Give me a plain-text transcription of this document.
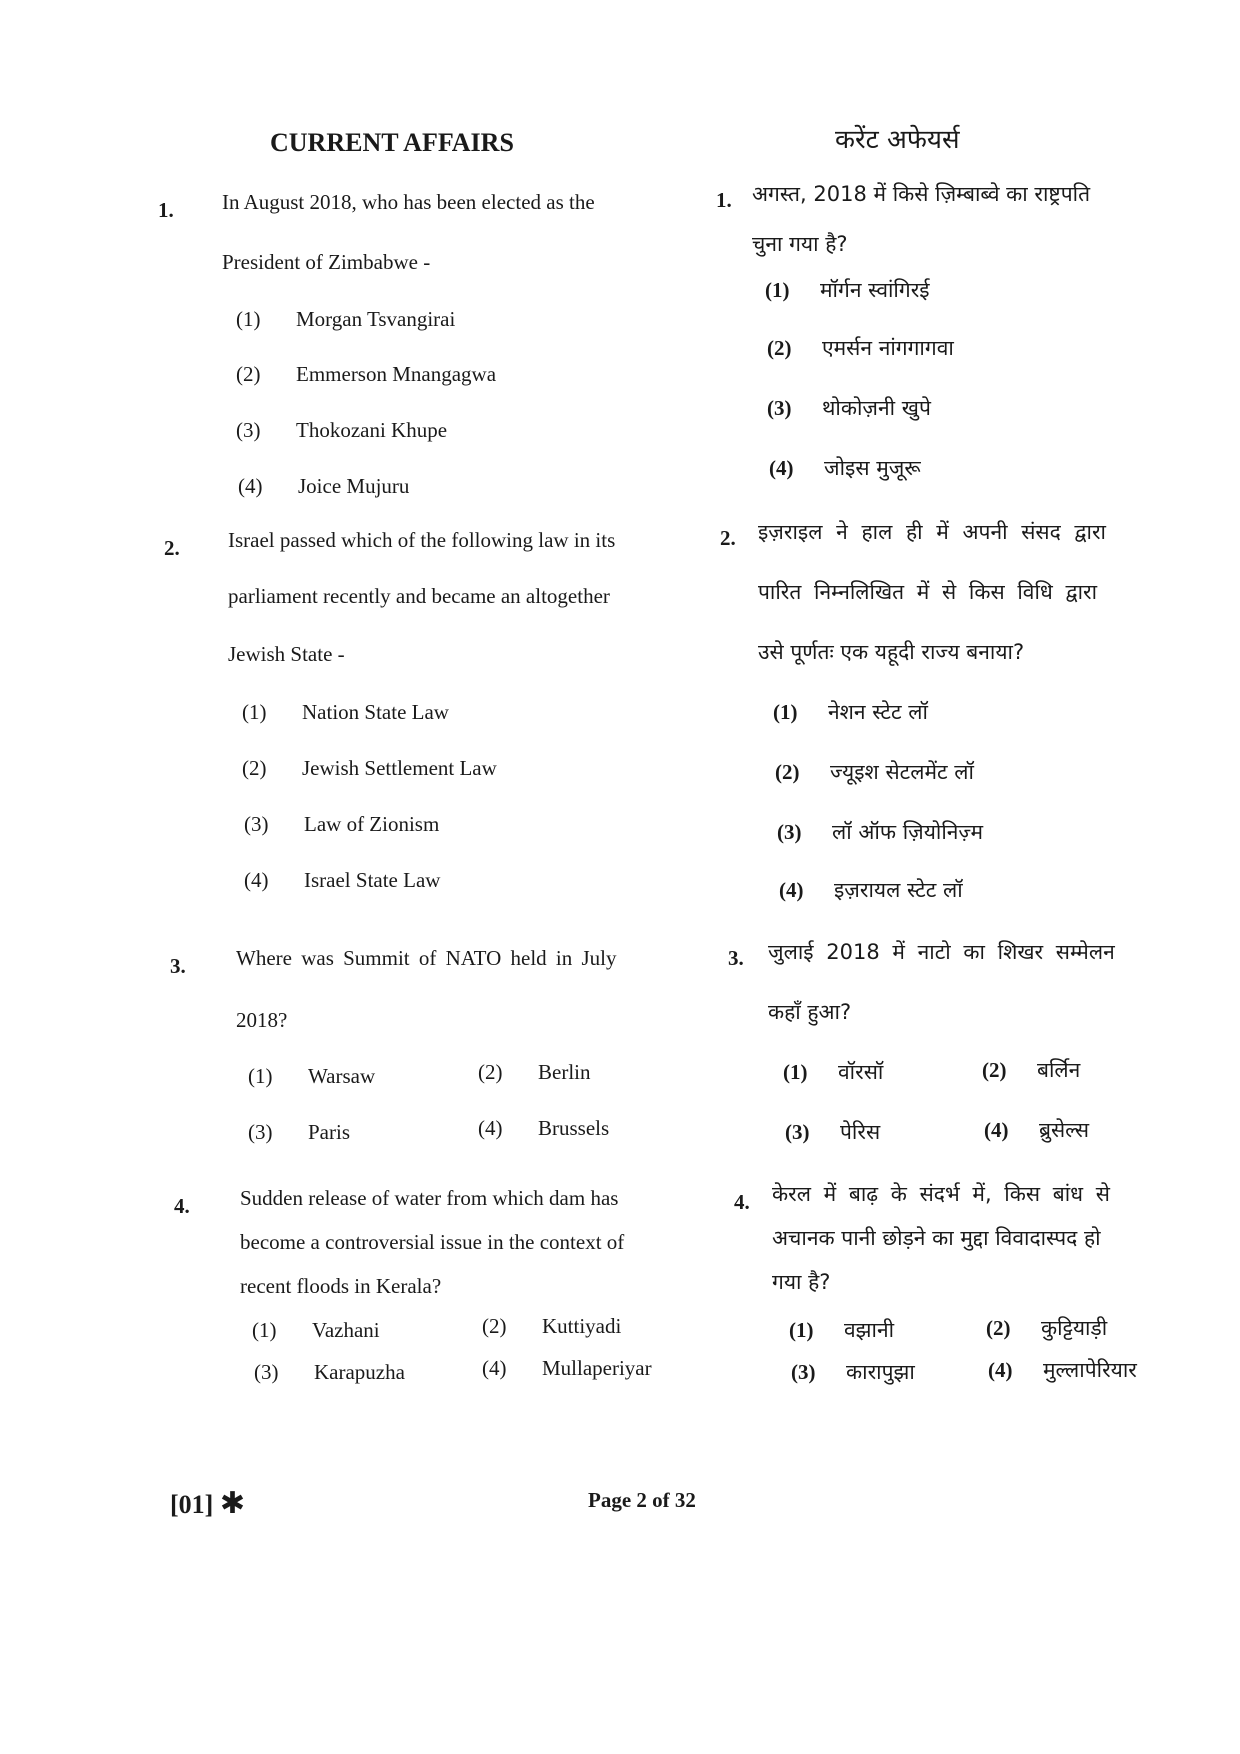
CURRENT AFFAIRS
1. In August 2018, who has been elected as the
President of Zimbabwe -
(1) Morgan Tsvangirai
(2) Emmerson Mnangagwa
(3) Thokozani Khupe
(4) Joice Mujuru
2. Israel passed which of the following law in its
parliament recently and became an altogether
Jewish State -
(1) Nation State Law
(2) Jewish Settlement Law
(3) Law of Zionism
(4) Israel State Law
3. Where was Summit of NATO held in July
2018?
(1) Warsaw	(2) Berlin
(3) Paris	(4) Brussels
4. Sudden release of water from which dam has
become a controversial issue in the context of
recent floods in Kerala?
(1) Vazhani	(2) Kuttiyadi
(3) Karapuzha	(4) Mullaperiyar
करेंट अफेयर्स
1. अगस्त, 2018 में किसे ज़िम्बाब्वे का राष्ट्रपति
चुना गया है?
(1) मॉर्गन स्वांगिरई
(2) एमर्सन नांगगागवा
(3) थोकोज़नी खुपे
(4) जोइस मुजूरू
2. इज़राइल ने हाल ही में अपनी संसद द्वारा
पारित निम्नलिखित में से किस विधि द्वारा
उसे पूर्णतः एक यहूदी राज्य बनाया?
(1) नेशन स्टेट लॉ
(2) ज्यूइश सेटलमेंट लॉ
(3) लॉ ऑफ ज़ियोनिज़्म
(4) इज़रायल स्टेट लॉ
3. जुलाई 2018 में नाटो का शिखर सम्मेलन
कहाँ हुआ?
(1) वॉरसॉ	(2) बर्लिन
(3) पेरिस	(4) ब्रुसेल्स
4. केरल में बाढ़ के संदर्भ में, किस बांध से
अचानक पानी छोड़ने का मुद्दा विवादास्पद हो
गया है?
(1) वझानी	(2) कुट्टियाड़ी
(3) कारापुझा	(4) मुल्लापेरियार
[01] ✱	Page 2 of 32
